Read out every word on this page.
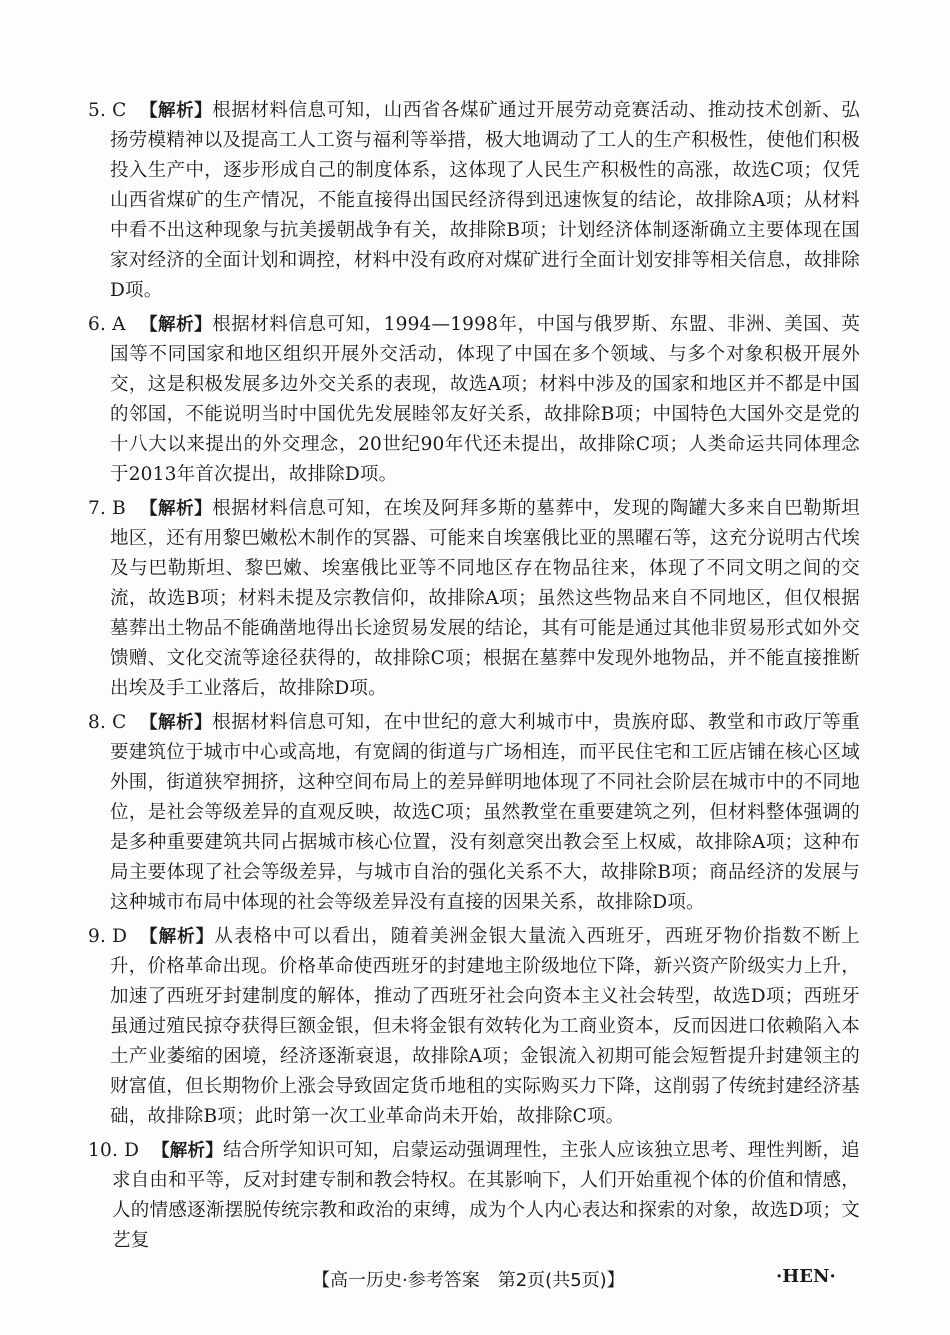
5. C 【解析】根据材料信息可知，山西省各煤矿通过开展劳动竞赛活动、推动技术创新、弘扬劳模精神以及提高工人工资与福利等举措，极大地调动了工人的生产积极性，使他们积极投入生产中，逐步形成自己的制度体系，这体现了人民生产积极性的高涨，故选C项；仅凭山西省煤矿的生产情况，不能直接得出国民经济得到迅速恢复的结论，故排除A项；从材料中看不出这种现象与抗美援朝战争有关，故排除B项；计划经济体制逐渐确立主要体现在国家对经济的全面计划和调控，材料中没有政府对煤矿进行全面计划安排等相关信息，故排除D项。
6. A 【解析】根据材料信息可知，1994—1998年，中国与俄罗斯、东盟、非洲、美国、英国等不同国家和地区组织开展外交活动，体现了中国在多个领域、与多个对象积极开展外交，这是积极发展多边外交关系的表现，故选A项；材料中涉及的国家和地区并不都是中国的邻国，不能说明当时中国优先发展睦邻友好关系，故排除B项；中国特色大国外交是党的十八大以来提出的外交理念，20世纪90年代还未提出，故排除C项；人类命运共同体理念于2013年首次提出，故排除D项。
7. B 【解析】根据材料信息可知，在埃及阿拜多斯的墓葬中，发现的陶罐大多来自巴勒斯坦地区，还有用黎巴嫩松木制作的冥器、可能来自埃塞俄比亚的黑曜石等，这充分说明古代埃及与巴勒斯坦、黎巴嫩、埃塞俄比亚等不同地区存在物品往来，体现了不同文明之间的交流，故选B项；材料未提及宗教信仰，故排除A项；虽然这些物品来自不同地区，但仅根据墓葬出土物品不能确凿地得出长途贸易发展的结论，其有可能是通过其他非贸易形式如外交馈赠、文化交流等途径获得的，故排除C项；根据在墓葬中发现外地物品，并不能直接推断出埃及手工业落后，故排除D项。
8. C 【解析】根据材料信息可知，在中世纪的意大利城市中，贵族府邸、教堂和市政厅等重要建筑位于城市中心或高地，有宽阔的街道与广场相连，而平民住宅和工匠店铺在核心区域外围，街道狭窄拥挤，这种空间布局上的差异鲜明地体现了不同社会阶层在城市中的不同地位，是社会等级差异的直观反映，故选C项；虽然教堂在重要建筑之列，但材料整体强调的是多种重要建筑共同占据城市核心位置，没有刻意突出教会至上权威，故排除A项；这种布局主要体现了社会等级差异，与城市自治的强化关系不大，故排除B项；商品经济的发展与这种城市布局中体现的社会等级差异没有直接的因果关系，故排除D项。
9. D 【解析】从表格中可以看出，随着美洲金银大量流入西班牙，西班牙物价指数不断上升，价格革命出现。价格革命使西班牙的封建地主阶级地位下降，新兴资产阶级实力上升，加速了西班牙封建制度的解体，推动了西班牙社会向资本主义社会转型，故选D项；西班牙虽通过殖民掠夺获得巨额金银，但未将金银有效转化为工商业资本，反而因进口依赖陷入本土产业萎缩的困境，经济逐渐衰退，故排除A项；金银流入初期可能会短暂提升封建领主的财富值，但长期物价上涨会导致固定货币地租的实际购买力下降，这削弱了传统封建经济基础，故排除B项；此时第一次工业革命尚未开始，故排除C项。
10. D 【解析】结合所学知识可知，启蒙运动强调理性，主张人应该独立思考、理性判断，追求自由和平等，反对封建专制和教会特权。在其影响下，人们开始重视个体的价值和情感，人的情感逐渐摆脱传统宗教和政治的束缚，成为个人内心表达和探索的对象，故选D项；文艺复
【高一历史·参考答案　第2页(共5页)】	·HEN·
